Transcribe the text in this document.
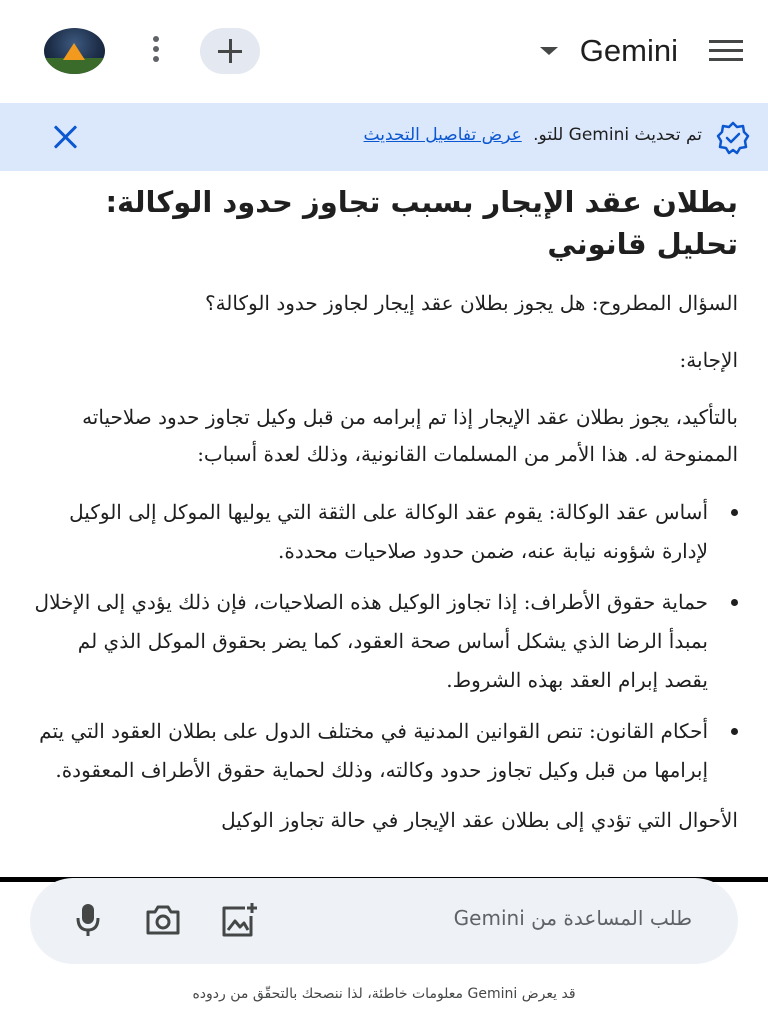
Gemini
تم تحديث Gemini للتو. عرض تفاصيل التحديث
بطلان عقد الإيجار بسبب تجاوز حدود الوكالة: تحليل قانوني

السؤال المطروح: هل يجوز بطلان عقد إيجار لجاوز حدود الوكالة؟

الإجابة:

بالتأكيد، يجوز بطلان عقد الإيجار إذا تم إبرامه من قبل وكيل تجاوز حدود صلاحياته الممنوحة له. هذا الأمر من المسلمات القانونية، وذلك لعدة أسباب:

أساس عقد الوكالة: يقوم عقد الوكالة على الثقة التي يوليها الموكل إلى الوكيل لإدارة شؤونه نيابة عنه، ضمن حدود صلاحيات محددة.
حماية حقوق الأطراف: إذا تجاوز الوكيل هذه الصلاحيات، فإن ذلك يؤدي إلى الإخلال بمبدأ الرضا الذي يشكل أساس صحة العقود، كما يضر بحقوق الموكل الذي لم يقصد إبرام العقد بهذه الشروط.
أحكام القانون: تنص القوانين المدنية في مختلف الدول على بطلان العقود التي يتم إبرامها من قبل وكيل تجاوز حدود وكالته، وذلك لحماية حقوق الأطراف المعقودة.

الأحوال التي تؤدي إلى بطلان عقد الإيجار في حالة تجاوز الوكيل

طلب المساعدة من Gemini
قد يعرض Gemini معلومات خاطئة، لذا ننصحك بالتحقّق من ردوده
